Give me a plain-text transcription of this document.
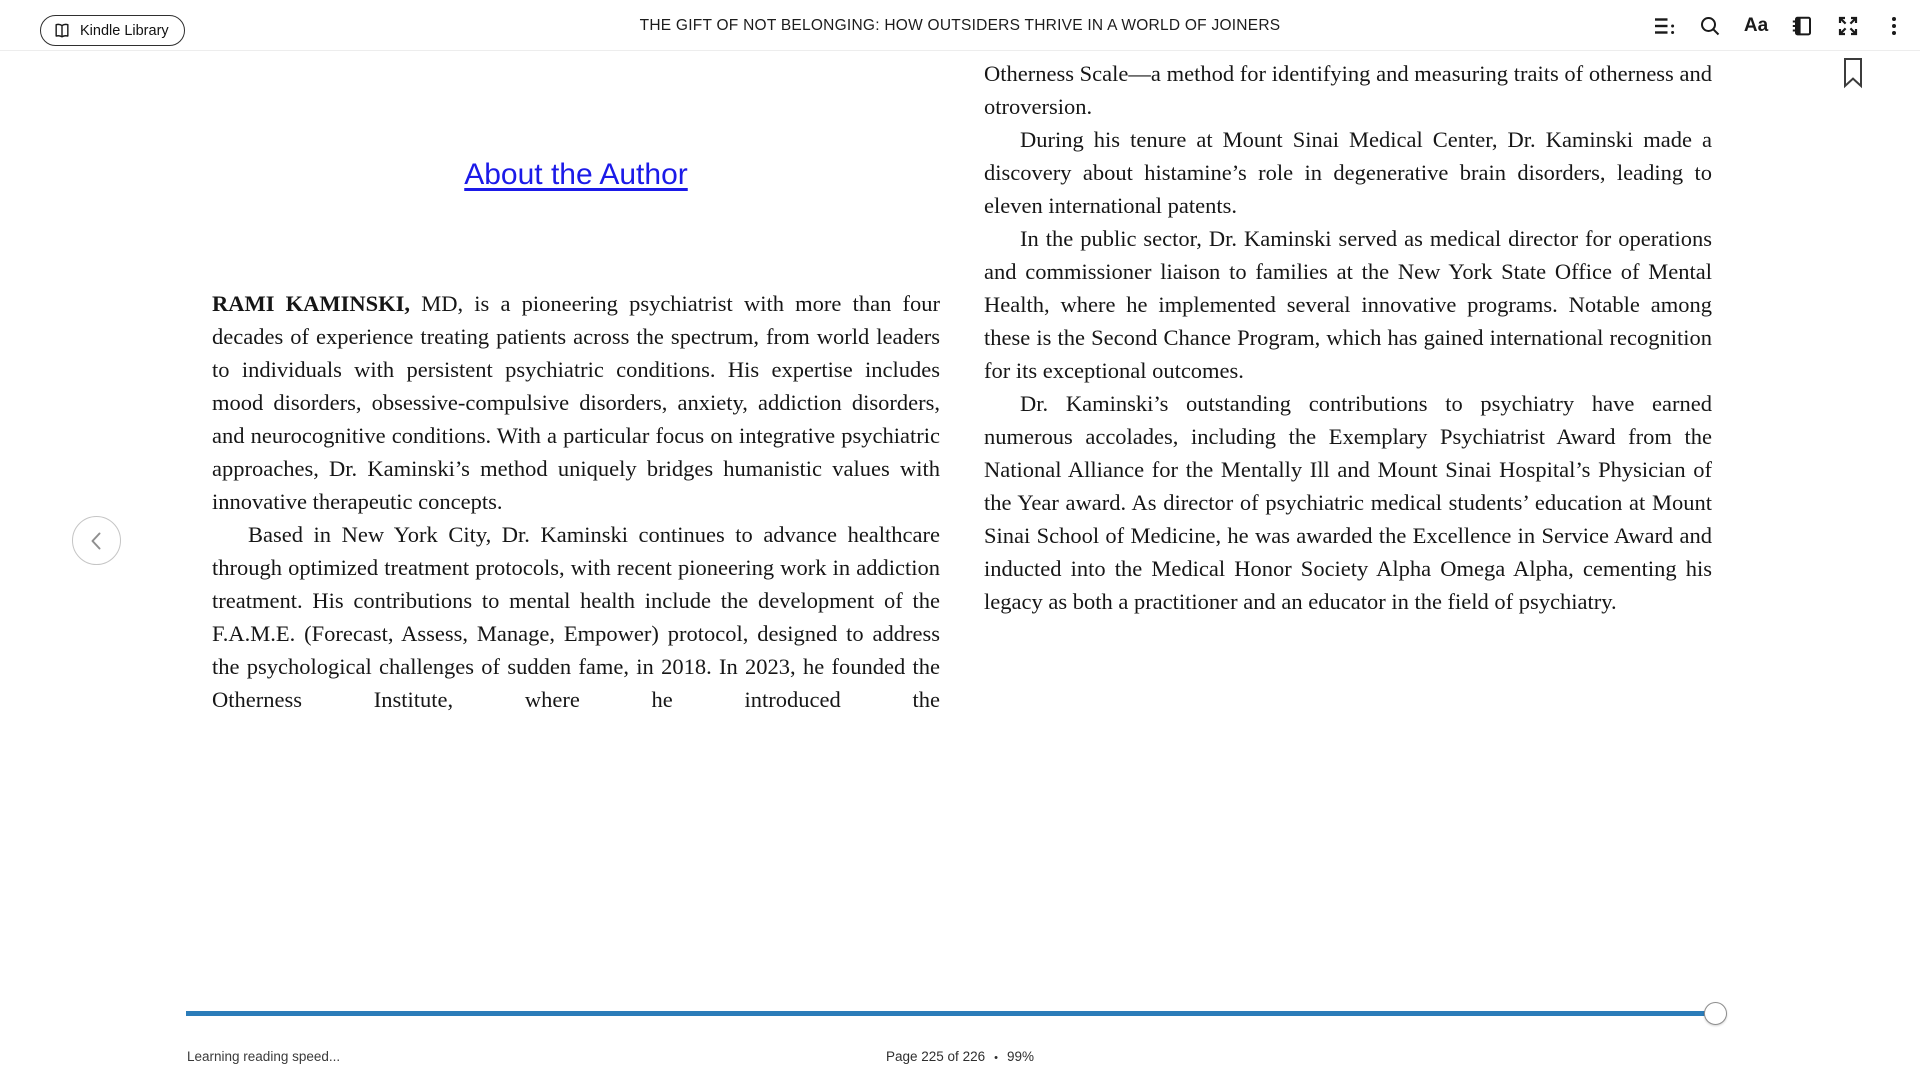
THE GIFT OF NOT BELONGING: HOW OUTSIDERS THRIVE IN A WORLD OF JOINERS
Kindle Library	Aa
About the Author

RAMI KAMINSKI, MD, is a pioneering psychiatrist with more than four decades of experience treating patients across the spectrum, from world leaders to individuals with persistent psychiatric conditions. His expertise includes mood disorders, obsessive-compulsive disorders, anxiety, addiction disorders, and neurocognitive conditions. With a particular focus on integrative psychiatric approaches, Dr. Kaminski’s method uniquely bridges humanistic values with innovative therapeutic concepts.

Based in New York City, Dr. Kaminski continues to advance healthcare through optimized treatment protocols, with recent pioneering work in addiction treatment. His contributions to mental health include the development of the F.A.M.E. (Forecast, Assess, Manage, Empower) protocol, designed to address the psychological challenges of sudden fame, in 2018. In 2023, he founded the Otherness Institute, where he introduced the

Otherness Scale—a method for identifying and measuring traits of otherness and otroversion.

During his tenure at Mount Sinai Medical Center, Dr. Kaminski made a discovery about histamine’s role in degenerative brain disorders, leading to eleven international patents.

In the public sector, Dr. Kaminski served as medical director for operations and commissioner liaison to families at the New York State Office of Mental Health, where he implemented several innovative programs. Notable among these is the Second Chance Program, which has gained international recognition for its exceptional outcomes.

Dr. Kaminski’s outstanding contributions to psychiatry have earned numerous accolades, including the Exemplary Psychiatrist Award from the National Alliance for the Mentally Ill and Mount Sinai Hospital’s Physician of the Year award. As director of psychiatric medical students’ education at Mount Sinai School of Medicine, he was awarded the Excellence in Service Award and inducted into the Medical Honor Society Alpha Omega Alpha, cementing his legacy as both a practitioner and an educator in the field of psychiatry.

Learning reading speed...	Page 225 of 226 • 99%
